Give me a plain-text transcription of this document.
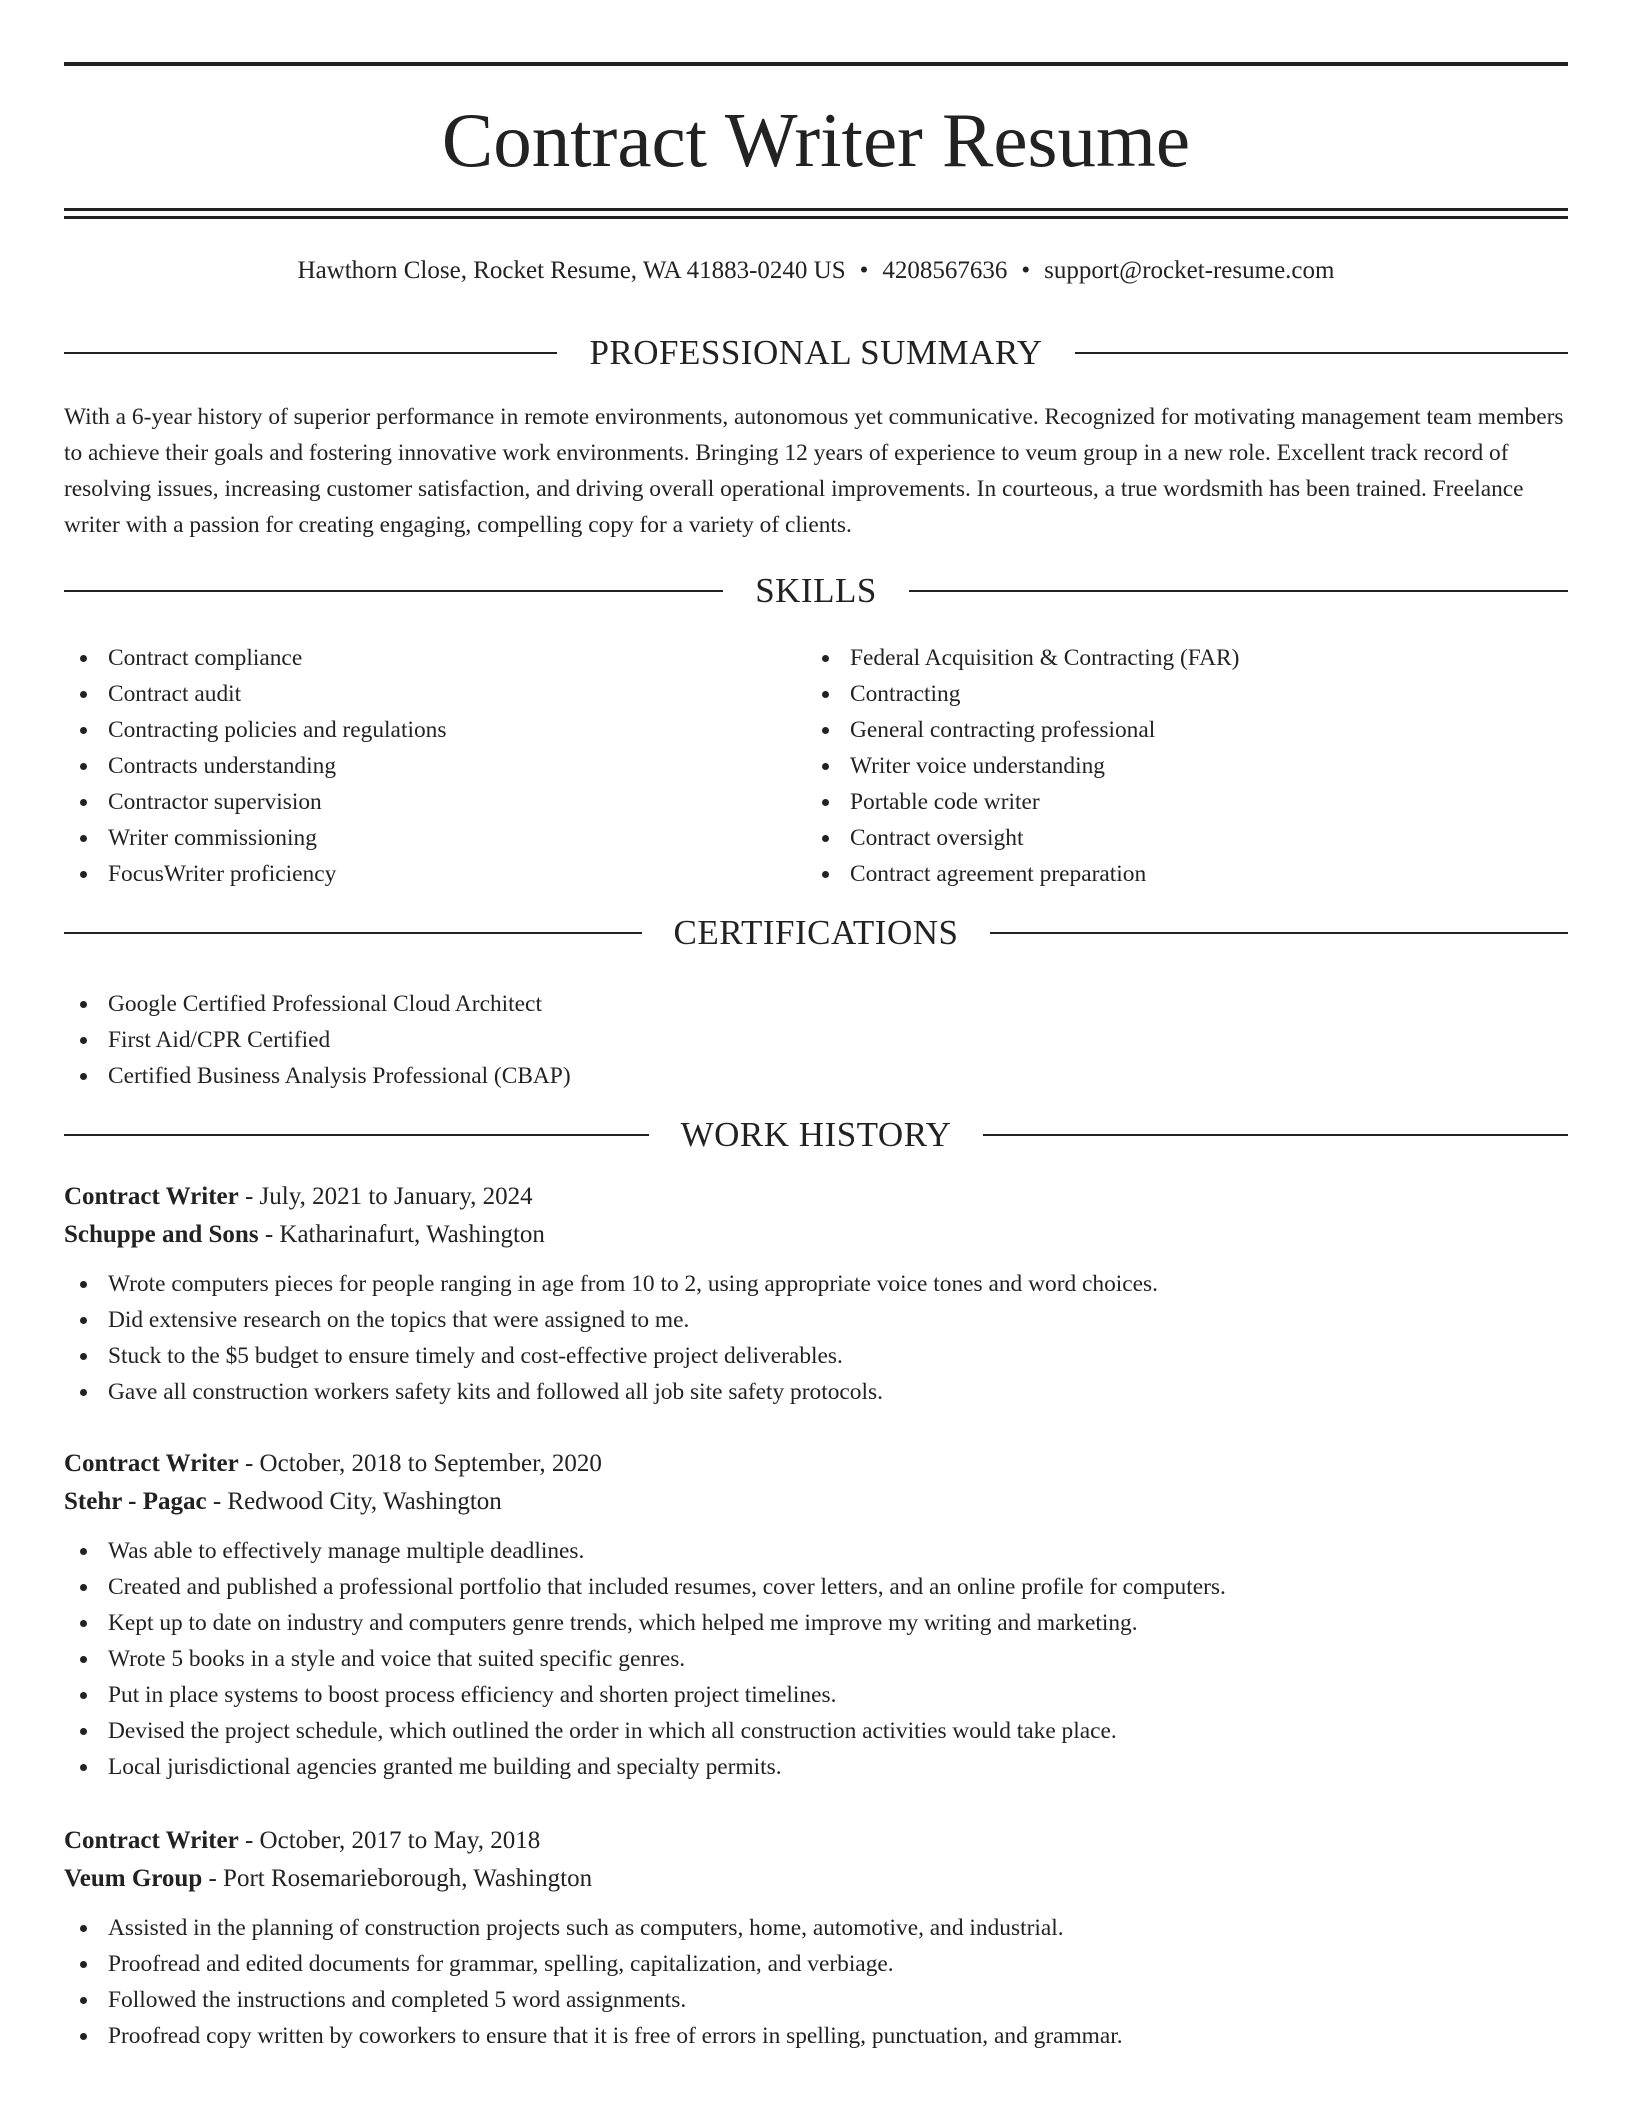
Contract Writer Resume
Hawthorn Close, Rocket Resume, WA 41883-0240 US • 4208567636 • support@rocket-resume.com
PROFESSIONAL SUMMARY

With a 6-year history of superior performance in remote environments, autonomous yet communicative. Recognized for motivating management team members to achieve their goals and fostering innovative work environments. Bringing 12 years of experience to veum group in a new role. Excellent track record of resolving issues, increasing customer satisfaction, and driving overall operational improvements. In courteous, a true wordsmith has been trained. Freelance writer with a passion for creating engaging, compelling copy for a variety of clients.

SKILLS
Contract compliance
Contract audit
Contracting policies and regulations
Contracts understanding
Contractor supervision
Writer commissioning
FocusWriter proficiency
Federal Acquisition & Contracting (FAR)
Contracting
General contracting professional
Writer voice understanding
Portable code writer
Contract oversight
Contract agreement preparation
CERTIFICATIONS
Google Certified Professional Cloud Architect
First Aid/CPR Certified
Certified Business Analysis Professional (CBAP)
WORK HISTORY
Contract Writer - July, 2021 to January, 2024
Schuppe and Sons - Katharinafurt, Washington
Wrote computers pieces for people ranging in age from 10 to 2, using appropriate voice tones and word choices.
Did extensive research on the topics that were assigned to me.
Stuck to the $5 budget to ensure timely and cost-effective project deliverables.
Gave all construction workers safety kits and followed all job site safety protocols.
Contract Writer - October, 2018 to September, 2020
Stehr - Pagac - Redwood City, Washington
Was able to effectively manage multiple deadlines.
Created and published a professional portfolio that included resumes, cover letters, and an online profile for computers.
Kept up to date on industry and computers genre trends, which helped me improve my writing and marketing.
Wrote 5 books in a style and voice that suited specific genres.
Put in place systems to boost process efficiency and shorten project timelines.
Devised the project schedule, which outlined the order in which all construction activities would take place.
Local jurisdictional agencies granted me building and specialty permits.
Contract Writer - October, 2017 to May, 2018
Veum Group - Port Rosemarieborough, Washington
Assisted in the planning of construction projects such as computers, home, automotive, and industrial.
Proofread and edited documents for grammar, spelling, capitalization, and verbiage.
Followed the instructions and completed 5 word assignments.
Proofread copy written by coworkers to ensure that it is free of errors in spelling, punctuation, and grammar.
